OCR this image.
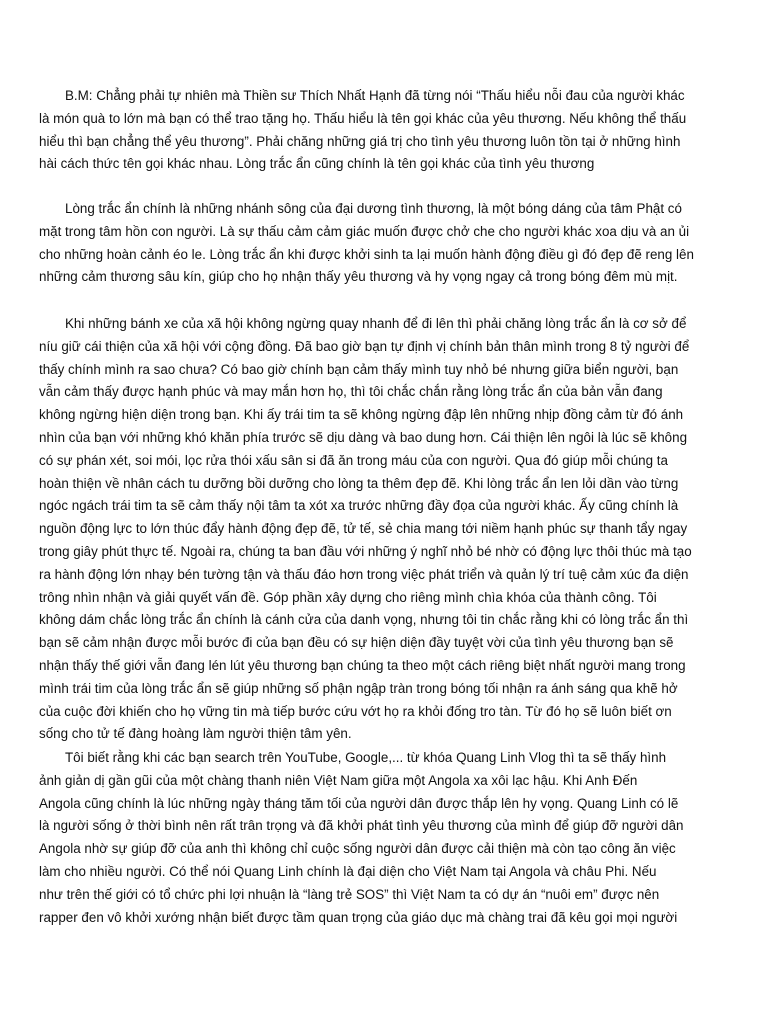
B.M: Chẳng phải tự nhiên mà Thiền sư Thích Nhất Hạnh đã từng nói “Thấu hiểu nỗi đau của người khác
là món quà to lớn mà bạn có thể trao tặng họ. Thấu hiểu là tên gọi khác của yêu thương. Nếu không thể thấu
hiểu thì bạn chẳng thể yêu thương”. Phải chăng những giá trị cho tình yêu thương luôn tồn tại ở những hình
hài cách thức tên gọi khác nhau. Lòng trắc ẩn cũng chính là tên gọi khác của tình yêu thương
Lòng trắc ẩn chính là những nhánh sông của đại dương tình thương, là một bóng dáng của tâm Phật có
mặt trong tâm hồn con người. Là sự thấu cảm cảm giác muốn được chở che cho người khác xoa dịu và an ủi
cho những hoàn cảnh éo le. Lòng trắc ẩn khi được khởi sinh ta lại muốn hành động điều gì đó đẹp đẽ reng lên
những cảm thương sâu kín, giúp cho họ nhận thấy yêu thương và hy vọng ngay cả trong bóng đêm mù mịt.
Khi những bánh xe của xã hội không ngừng quay nhanh để đi lên thì phải chăng lòng trắc ẩn là cơ sở để
níu giữ cái thiện của xã hội với cộng đồng. Đã bao giờ bạn tự định vị chính bản thân mình trong 8 tỷ người để
thấy chính mình ra sao chưa? Có bao giờ chính bạn cảm thấy mình tuy nhỏ bé nhưng giữa biển người, bạn
vẫn cảm thấy được hạnh phúc và may mắn hơn họ, thì tôi chắc chắn rằng lòng trắc ẩn của bản vẫn đang
không ngừng hiện diện trong bạn. Khi ấy trái tim ta sẽ không ngừng đập lên những nhịp đồng cảm từ đó ánh
nhìn của bạn với những khó khăn phía trước sẽ dịu dàng và bao dung hơn. Cái thiện lên ngôi là lúc sẽ không
có sự phán xét, soi mói, lọc rửa thói xấu sân si đã ăn trong máu của con người. Qua đó giúp mỗi chúng ta
hoàn thiện về nhân cách tu dưỡng bồi dưỡng cho lòng ta thêm đẹp đẽ. Khi lòng trắc ẩn len lỏi dần vào từng
ngóc ngách trái tim ta sẽ cảm thấy nội tâm ta xót xa trước những đầy đọa của người khác. Ấy cũng chính là
nguồn động lực to lớn thúc đẩy hành động đẹp đẽ, tử tế, sẻ chia mang tới niềm hạnh phúc sự thanh tẩy ngay
trong giây phút thực tế. Ngoài ra, chúng ta ban đầu với những ý nghĩ nhỏ bé nhờ có động lực thôi thúc mà tạo
ra hành động lớn nhạy bén tường tận và thấu đáo hơn trong việc phát triển và quản lý trí tuệ cảm xúc đa diện
trông nhìn nhận và giải quyết vấn đề. Góp phần xây dựng cho riêng mình chìa khóa của thành công. Tôi
không dám chắc lòng trắc ẩn chính là cánh cửa của danh vọng, nhưng tôi tin chắc rằng khi có lòng trắc ẩn thì
bạn sẽ cảm nhận được mỗi bước đi của bạn đều có sự hiện diện đầy tuyệt vời của tình yêu thương bạn sẽ
nhận thấy thế giới vẫn đang lén lút yêu thương bạn chúng ta theo một cách riêng biệt nhất người mang trong
mình trái tim của lòng trắc ẩn sẽ giúp những số phận ngập tràn trong bóng tối nhận ra ánh sáng qua khẽ hở
của cuộc đời khiến cho họ vững tin mà tiếp bước cứu vớt họ ra khỏi đống tro tàn. Từ đó họ sẽ luôn biết ơn
sống cho tử tế đàng hoàng làm người thiện tâm yên.
Tôi biết rằng khi các bạn search trên YouTube, Google,... từ khóa Quang Linh Vlog thì ta sẽ thấy hình
ảnh giản dị gần gũi của một chàng thanh niên Việt Nam giữa một Angola xa xôi lạc hậu. Khi Anh Đến
Angola cũng chính là lúc những ngày tháng tăm tối của người dân được thắp lên hy vọng. Quang Linh có lẽ
là người sống ở thời bình nên rất trân trọng và đã khởi phát tình yêu thương của mình để giúp đỡ người dân
Angola nhờ sự giúp đỡ của anh thì không chỉ cuộc sống người dân được cải thiện mà còn tạo công ăn việc
làm cho nhiều người. Có thể nói Quang Linh chính là đại diện cho Việt Nam tại Angola và châu Phi. Nếu
như trên thế giới có tổ chức phi lợi nhuận là “làng trẻ SOS” thì Việt Nam ta có dự án “nuôi em” được nên
rapper đen vô khởi xướng nhận biết được tầm quan trọng của giáo dục mà chàng trai đã kêu gọi mọi người
